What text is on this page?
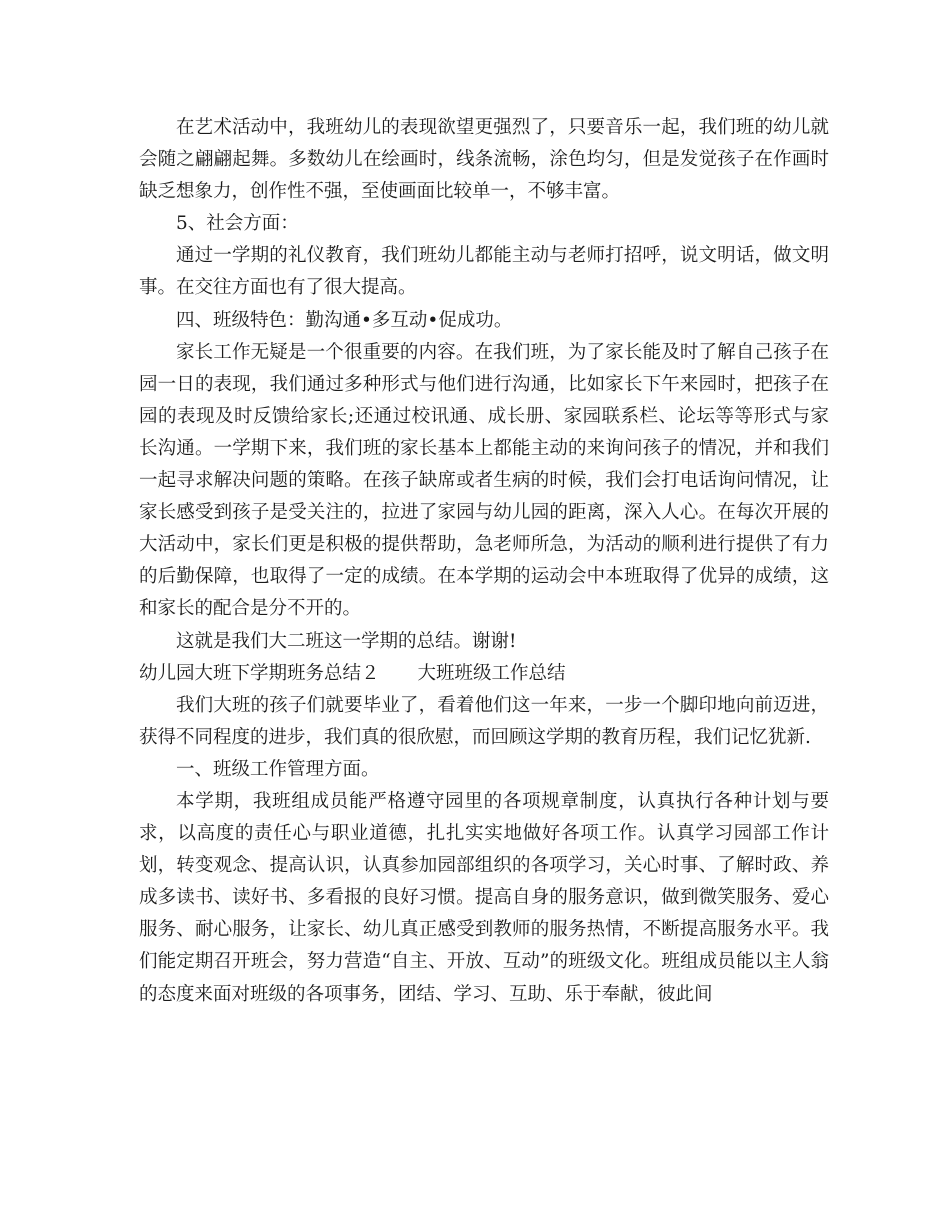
在艺术活动中，我班幼儿的表现欲望更强烈了，只要音乐一起，我们班的幼儿就会随之翩翩起舞。多数幼儿在绘画时，线条流畅，涂色均匀，但是发觉孩子在作画时缺乏想象力，创作性不强，至使画面比较单一，不够丰富。

5、社会方面：

通过一学期的礼仪教育，我们班幼儿都能主动与老师打招呼，说文明话，做文明事。在交往方面也有了很大提高。

四、班级特色：勤沟通•多互动•促成功。

家长工作无疑是一个很重要的内容。在我们班，为了家长能及时了解自己孩子在园一日的表现，我们通过多种形式与他们进行沟通，比如家长下午来园时，把孩子在园的表现及时反馈给家长;还通过校讯通、成长册、家园联系栏、论坛等等形式与家长沟通。一学期下来，我们班的家长基本上都能主动的来询问孩子的情况，并和我们一起寻求解决问题的策略。在孩子缺席或者生病的时候，我们会打电话询问情况，让家长感受到孩子是受关注的，拉进了家园与幼儿园的距离，深入人心。在每次开展的大活动中，家长们更是积极的提供帮助，急老师所急，为活动的顺利进行提供了有力的后勤保障，也取得了一定的成绩。在本学期的运动会中本班取得了优异的成绩，这和家长的配合是分不开的。

这就是我们大二班这一学期的总结。谢谢!

幼儿园大班下学期班务总结２ 大班班级工作总结

我们大班的孩子们就要毕业了，看着他们这一年来，一步一个脚印地向前迈进，获得不同程度的进步，我们真的很欣慰，而回顾这学期的教育历程，我们记忆犹新.

一、班级工作管理方面。

本学期，我班组成员能严格遵守园里的各项规章制度，认真执行各种计划与要求，以高度的责任心与职业道德，扎扎实实地做好各项工作。认真学习园部工作计划，转变观念、提高认识，认真参加园部组织的各项学习，关心时事、了解时政、养成多读书、读好书、多看报的良好习惯。提高自身的服务意识，做到微笑服务、爱心服务、耐心服务，让家长、幼儿真正感受到教师的服务热情，不断提高服务水平。我们能定期召开班会，努力营造“自主、开放、互动”的班级文化。班组成员能以主人翁的态度来面对班级的各项事务，团结、学习、互助、乐于奉献，彼此间
